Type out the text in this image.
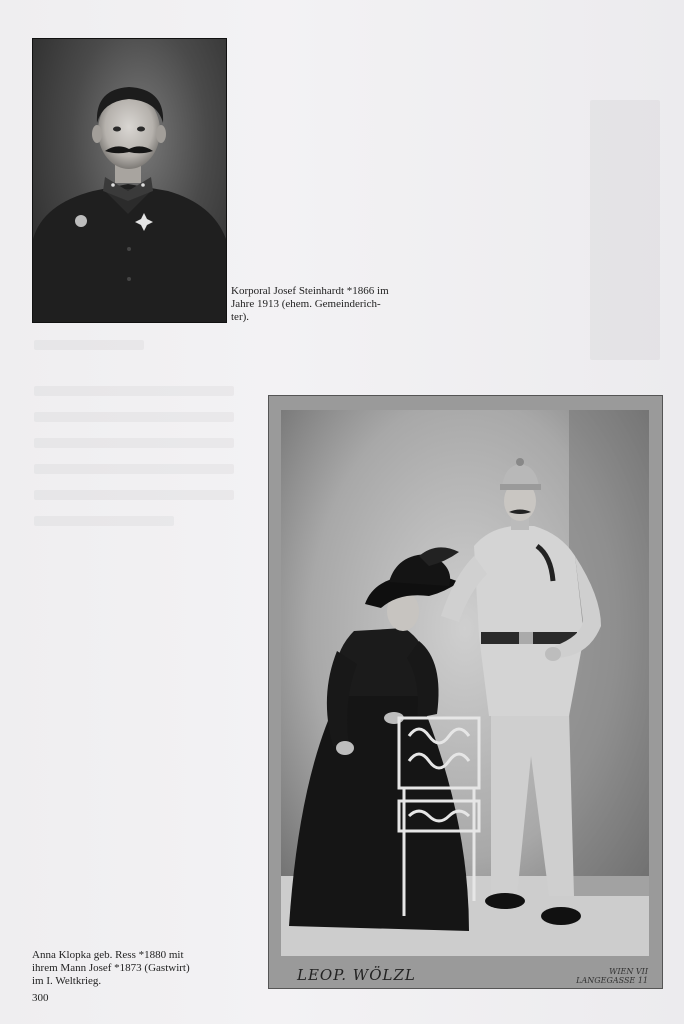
Korporal Josef Steinhardt *1866 im
Jahre 1913 (ehem. Gemeinderich-
ter).
LEOP. WÖLZL	WIEN VII
LANGEGASSE 11
Anna Klopka geb. Ress *1880 mit
ihrem Mann Josef *1873 (Gastwirt)
im I. Weltkrieg.
300
